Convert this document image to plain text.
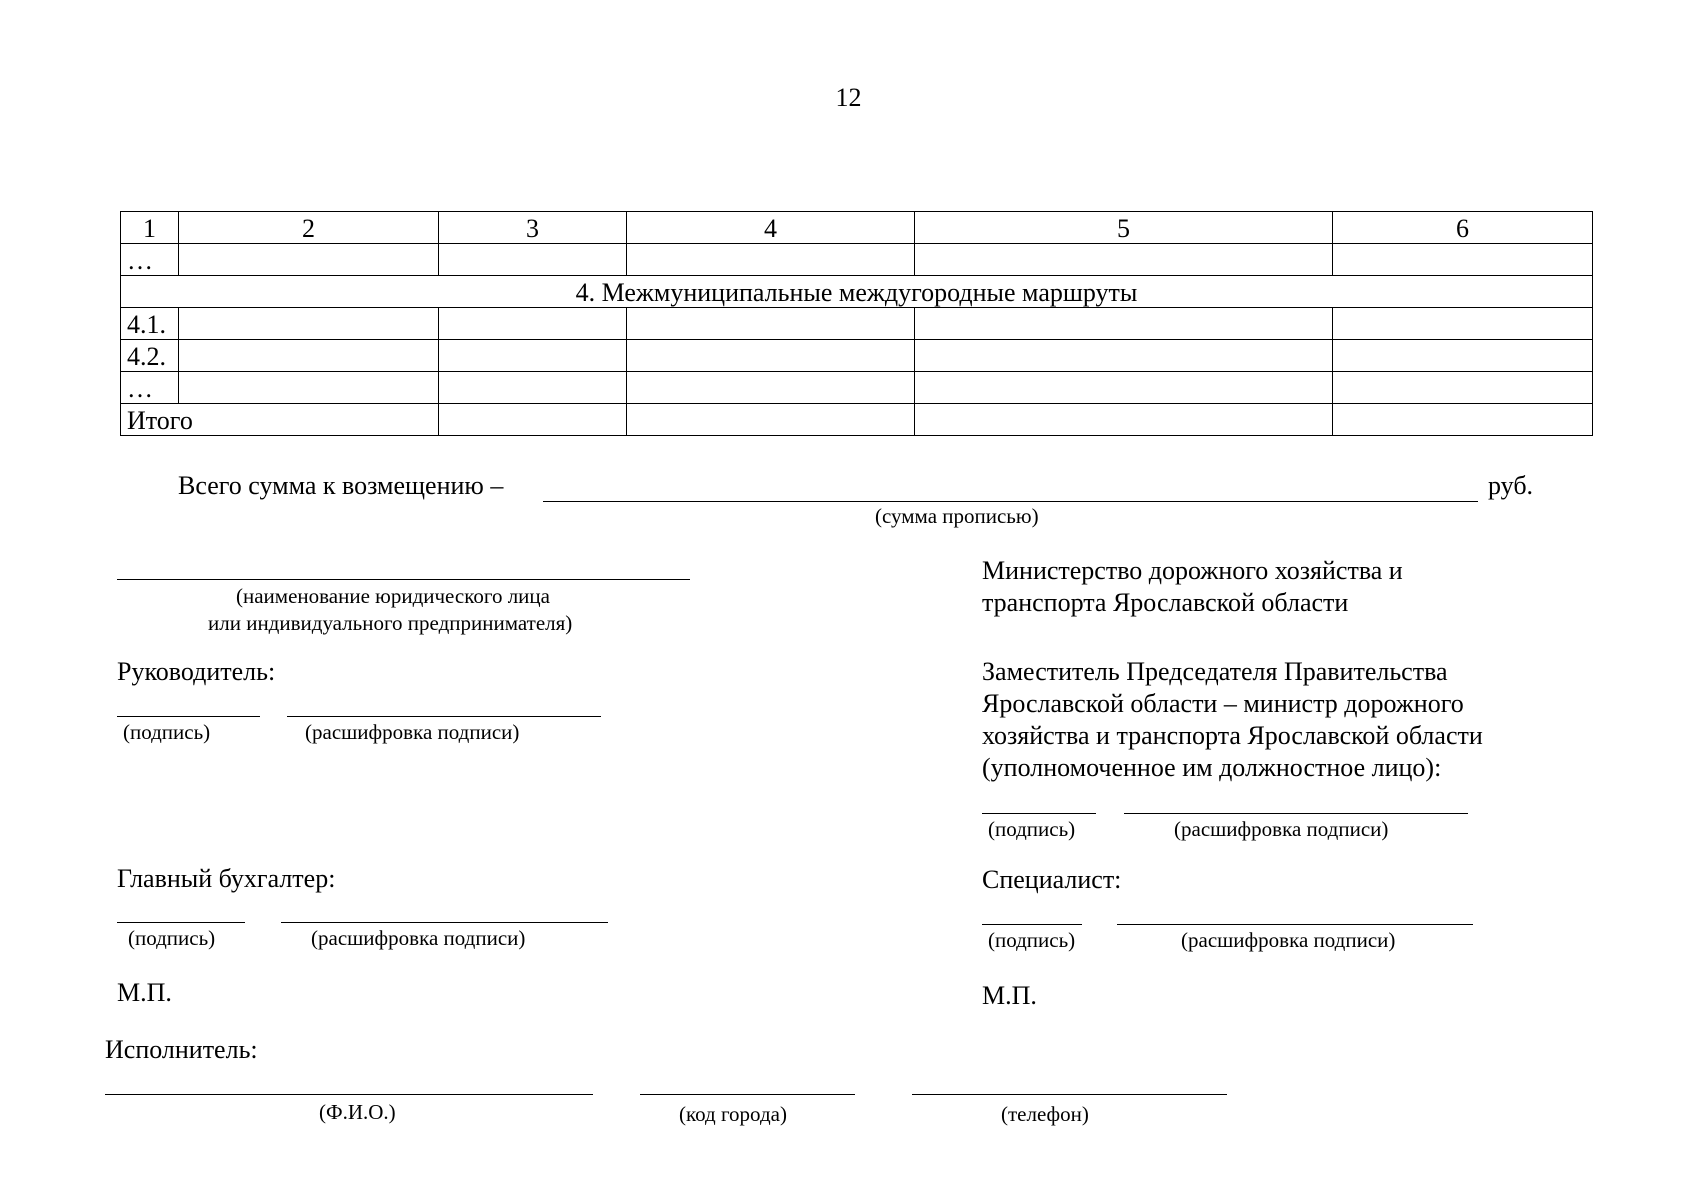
12
1	2	3	4	5	6
…					
4. Межмуниципальные междугородные маршруты					
4.1.					
4.2.					
…					
Итого					
Всего сумма к возмещению –	руб.
(сумма прописью)
(наименование юридического лица
или индивидуального предпринимателя)
Руководитель:
(подпись)	(расшифровка подписи)
Главный бухгалтер:
(подпись)	(расшифровка подписи)
М.П.
Министерство дорожного хозяйства и
транспорта Ярославской области
Заместитель Председателя Правительства
Ярославской области – министр дорожного
хозяйства и транспорта Ярославской области
(уполномоченное им должностное лицо):
(подпись)	(расшифровка подписи)
Специалист:
(подпись)	(расшифровка подписи)
М.П.
Исполнитель:
(Ф.И.О.)	(код города)	(телефон)
